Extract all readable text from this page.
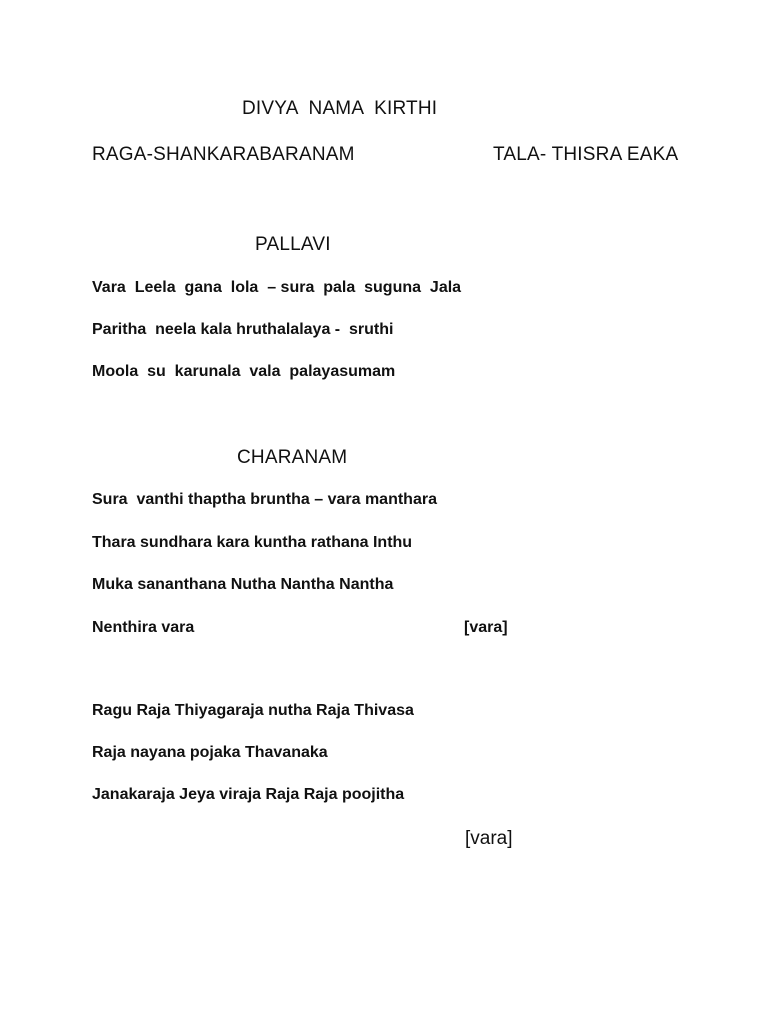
DIVYA  NAMA  KIRTHI
RAGA-SHANKARABARANAM	TALA- THISRA EAKA
PALLAVI
Vara  Leela  gana  lola  – sura  pala  suguna  Jala
Paritha  neela kala hruthalalaya -  sruthi
Moola  su  karunala  vala  palayasumam
CHARANAM
Sura  vanthi thaptha bruntha – vara manthara
Thara sundhara kara kuntha rathana Inthu
Muka sananthana Nutha Nantha Nantha
Nenthira vara	[vara]
Ragu Raja Thiyagaraja nutha Raja Thivasa
Raja nayana pojaka Thavanaka
Janakaraja Jeya viraja Raja Raja poojitha
[vara]
